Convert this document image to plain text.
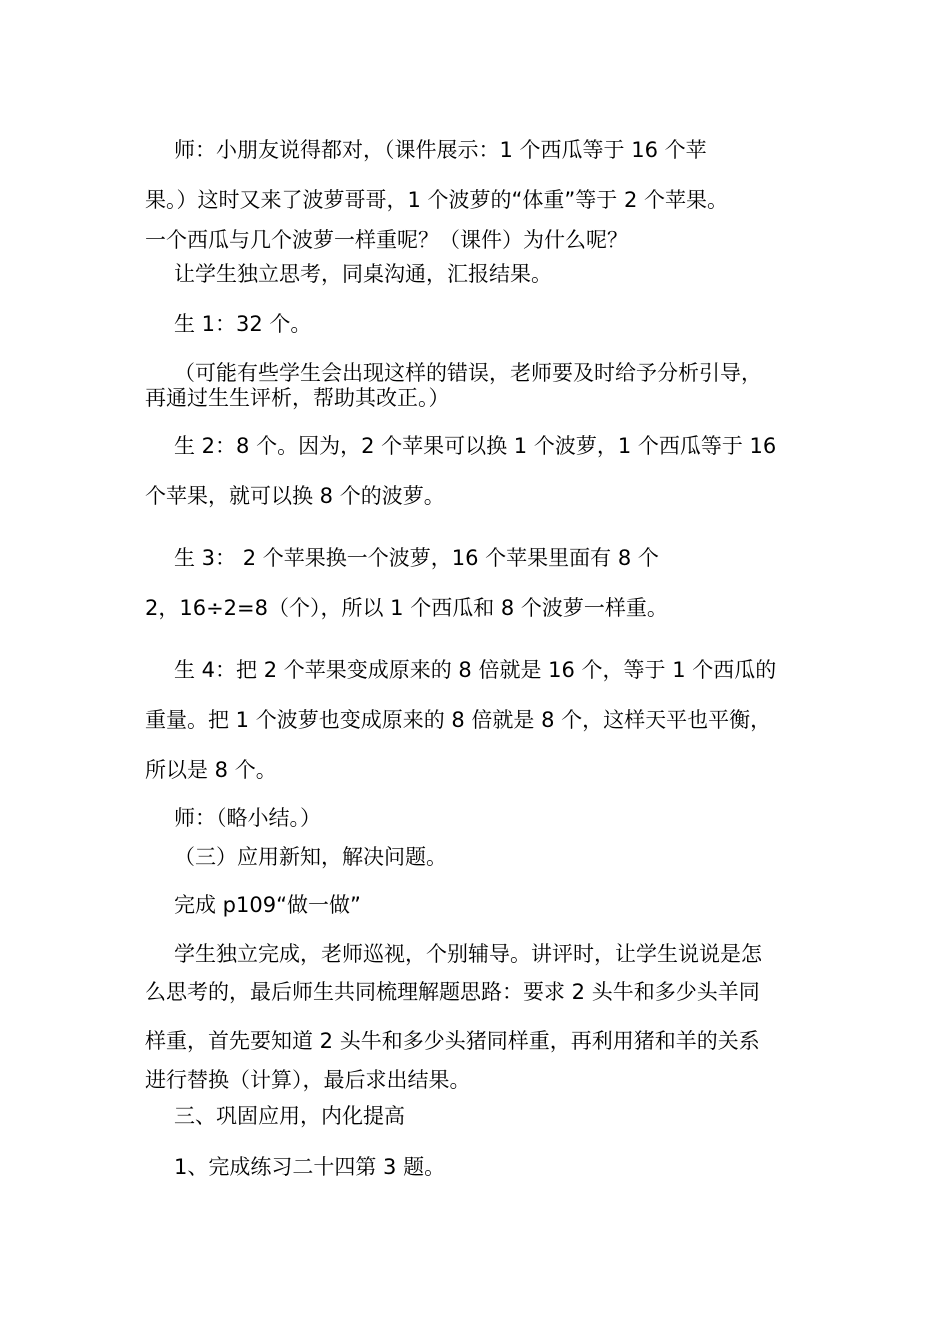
师：小朋友说得都对，（课件展示：1 个西瓜等于 16 个苹
果。）这时又来了波萝哥哥，1 个波萝的“体重”等于 2 个苹果。
一个西瓜与几个波萝一样重呢？（课件）为什么呢？
让学生独立思考，同桌沟通，汇报结果。
生 1：32 个。
（可能有些学生会出现这样的错误，老师要及时给予分析引导，
再通过生生评析，帮助其改正。）
生 2：8 个。因为，2 个苹果可以换 1 个波萝，1 个西瓜等于 16
个苹果，就可以换 8 个的波萝。
生 3： 2 个苹果换一个波萝，16 个苹果里面有 8 个
2，16÷2=8（个），所以 1 个西瓜和 8 个波萝一样重。
生 4：把 2 个苹果变成原来的 8 倍就是 16 个，等于 1 个西瓜的
重量。把 1 个波萝也变成原来的 8 倍就是 8 个，这样天平也平衡，
所以是 8 个。
师：（略小结。）
（三）应用新知，解决问题。
完成 p109“做一做”
学生独立完成，老师巡视，个别辅导。讲评时，让学生说说是怎
么思考的，最后师生共同梳理解题思路：要求 2 头牛和多少头羊同
样重，首先要知道 2 头牛和多少头猪同样重，再利用猪和羊的关系
进行替换（计算），最后求出结果。
三、巩固应用，内化提高
1、完成练习二十四第 3 题。
